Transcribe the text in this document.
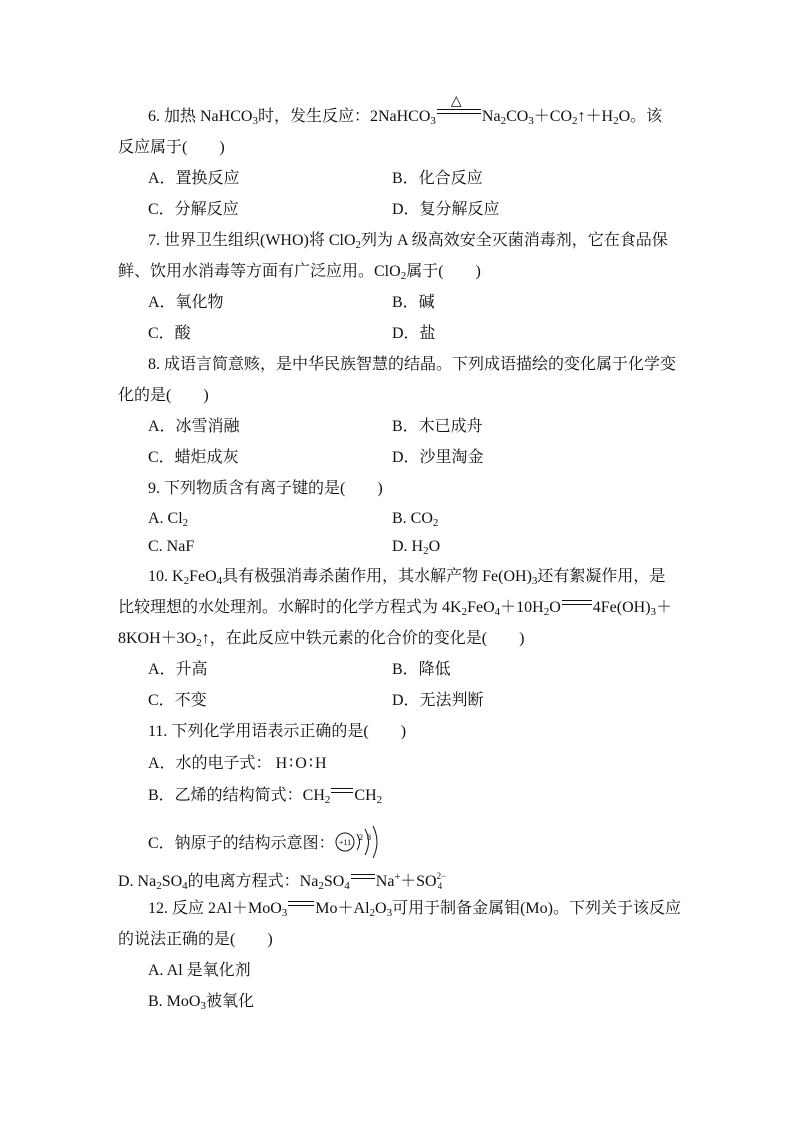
6. 加热 NaHCO$_3$时，发生反应：2NaHCO$_3$
△
$Na_2CO_3+CO_2↑+H_2O$。该
反应属于(　　)
A．置换反应	B．化合反应
C．分解反应	D．复分解反应
7. 世界卫生组织(WHO)将 ClO$_2$列为 A 级高效安全灭菌消毒剂，它在食品保
鲜、饮用水消毒等方面有广泛应用。ClO$_2$属于(　　)
A．氧化物	B．碱
C．酸	D．盐
8. 成语言简意赅，是中华民族智慧的结晶。下列成语描绘的变化属于化学变
化的是(　　)
A．冰雪消融	B．木已成舟
C．蜡炬成灰	D．沙里淘金
9. 下列物质含有离子键的是(　　)
A. $Cl_2$	B. $CO_2$
C. NaF	D. $H_2O$
10. $K_2FeO_4$具有极强消毒杀菌作用，其水解产物 $Fe(OH)_3$还有絮凝作用，是
比较理想的水处理剂。水解时的化学方程式为 $4K_2FeO_4+10H_2O$ $4Fe(OH)_3+$
$8KOH+3O_2↑$，在此反应中铁元素的化合价的变化是(　　)
A．升高	B．降低
C．不变	D．无法判断
11. 下列化学用语表示正确的是(　　)
A．水的电子式： H∶O∶H
B．乙烯的结构简式：$CH_2$ $CH_2$
C．钠原子的结构示意图： +11
2 8
D. $Na_2SO_4$的电离方程式：$Na_2SO_4$ Na+＋SO 2−
4
12. 反应 2Al＋MoO$_3$ $Mo+Al_2O_3$可用于制备金属钼(Mo)。下列关于该反应
的说法正确的是(　　)
A. Al 是氧化剂
B. MoO$_3$被氧化
